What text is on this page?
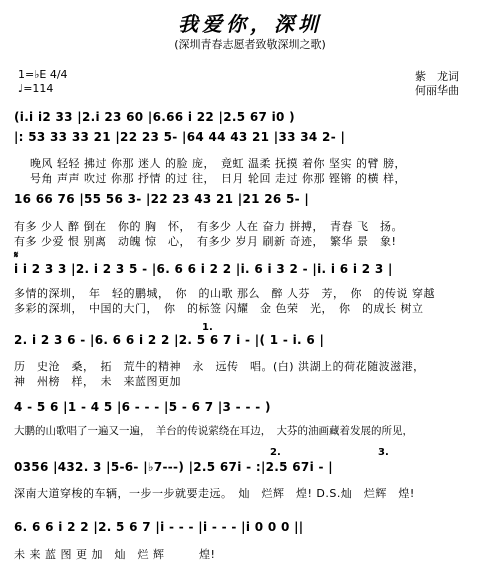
我爱你，深圳
(深圳青春志愿者致敬深圳之歌)
1=♭E 4/4
♩=114
紫　龙词
何丽华曲
(i.i i2 33 |2.i 23 60 |6.66 i 22 |2.5 67 i0 )
|: 53 33 33 21 |22 23 5- |64 44 43 21 |33 34 2- |
晚风 轻轻 拂过 你那 迷人 的脸 庞，　竟虹 温柔 抚摸 着你 坚实 的臂 膀，
号角 声声 吹过 你那 抒情 的过 往，　日月 轮回 走过 你那 铿锵 的横 样，
16 66 76 |55 56 3- |22 23 43 21 |21 26 5- |
有多 少人 醉 倒在　你的 胸　怀，　有多少 人在 奋力 拼搏，　青春 飞　扬。
有多 少爱 恨 别离　动魄 惊　心，　有多少 岁月 刷新 奇迹，　繁华 景　象!
𝄋
i i 2 3 3 |2. i 2 3 5 - |6. 6 6 i 2 2 |i. 6 i 3 2 - |i. i 6 i 2 3 |
多情的深圳，　年　轻的鹏城，　你　的山歌 那么　醉 人芬　芳，　你　的传说 穿越
多彩的深圳，　中国的大门，　你　的标签 闪耀　金 色荣　光，　你　的成长 树立
1.
2. i 2 3 6 - |6. 6 6 i 2 2 |2. 5 6 7 i - |( 1 - i. 6 |
历　史沧　桑，　拓　荒牛的精神　永　远传　唱。(白) 洪湖上的荷花随波滋港，
神　州榜　样，　未　来蓝图更加
4 - 5 6 |1 - 4 5 |6 - - - |5 - 6 7 |3 - - - )
大鹏的山歌唱了一遍又一遍，　羊台的传说萦绕在耳边，　大芬的油画藏着发展的所见，
2.	3.
0356 |432. 3 |5-6- |♭7---) |2.5 67i - :|2.5 67i - |
深南大道穿梭的车辆，一步一步就要走远。　灿　烂辉　煌! D.S.灿　烂辉　煌!
6. 6 6 i 2 2 |2. 5 6 7 |i - - - |i - - - |i 0 0 0 ||
未 来 蓝 图 更 加　灿　烂 辉　　　煌!
